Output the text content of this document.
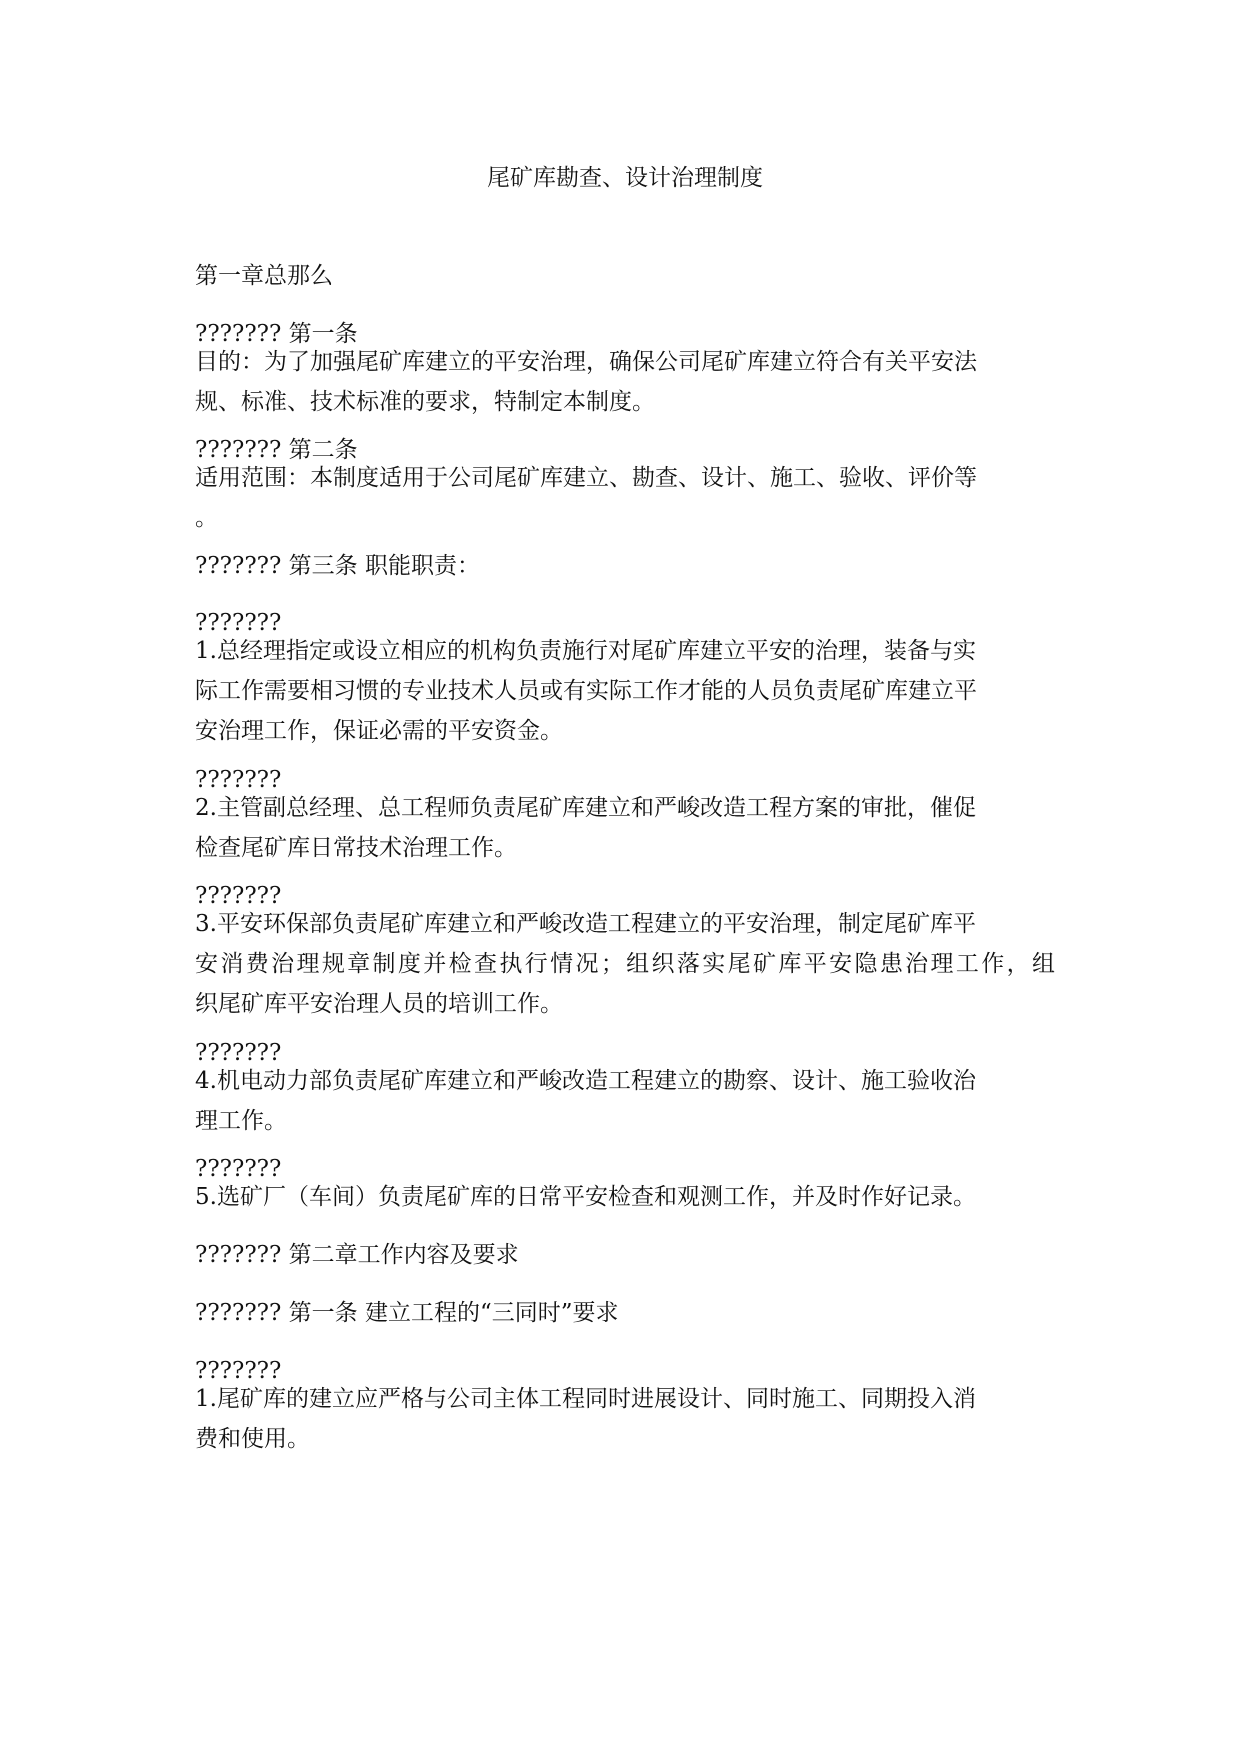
尾矿库勘查、设计治理制度

第一章总那么

??????? 第一条

目的：为了加强尾矿库建立的平安治理，确保公司尾矿库建立符合有关平安法
规、标准、技术标准的要求，特制定本制度。

??????? 第二条

适用范围：本制度适用于公司尾矿库建立、勘查、设计、施工、验收、评价等
。

??????? 第三条 职能职责：

???????

1.总经理指定或设立相应的机构负责施行对尾矿库建立平安的治理，装备与实
际工作需要相习惯的专业技术人员或有实际工作才能的人员负责尾矿库建立平
安治理工作，保证必需的平安资金。

???????

2.主管副总经理、总工程师负责尾矿库建立和严峻改造工程方案的审批，催促
检查尾矿库日常技术治理工作。

???????

3.平安环保部负责尾矿库建立和严峻改造工程建立的平安治理，制定尾矿库平
安消费治理规章制度并检查执行情况；组织落实尾矿库平安隐患治理工作，组
织尾矿库平安治理人员的培训工作。

???????

4.机电动力部负责尾矿库建立和严峻改造工程建立的勘察、设计、施工验收治
理工作。

???????

5.选矿厂（车间）负责尾矿库的日常平安检查和观测工作，并及时作好记录。

??????? 第二章工作内容及要求

??????? 第一条 建立工程的“三同时”要求

???????

1.尾矿库的建立应严格与公司主体工程同时进展设计、同时施工、同期投入消
费和使用。
